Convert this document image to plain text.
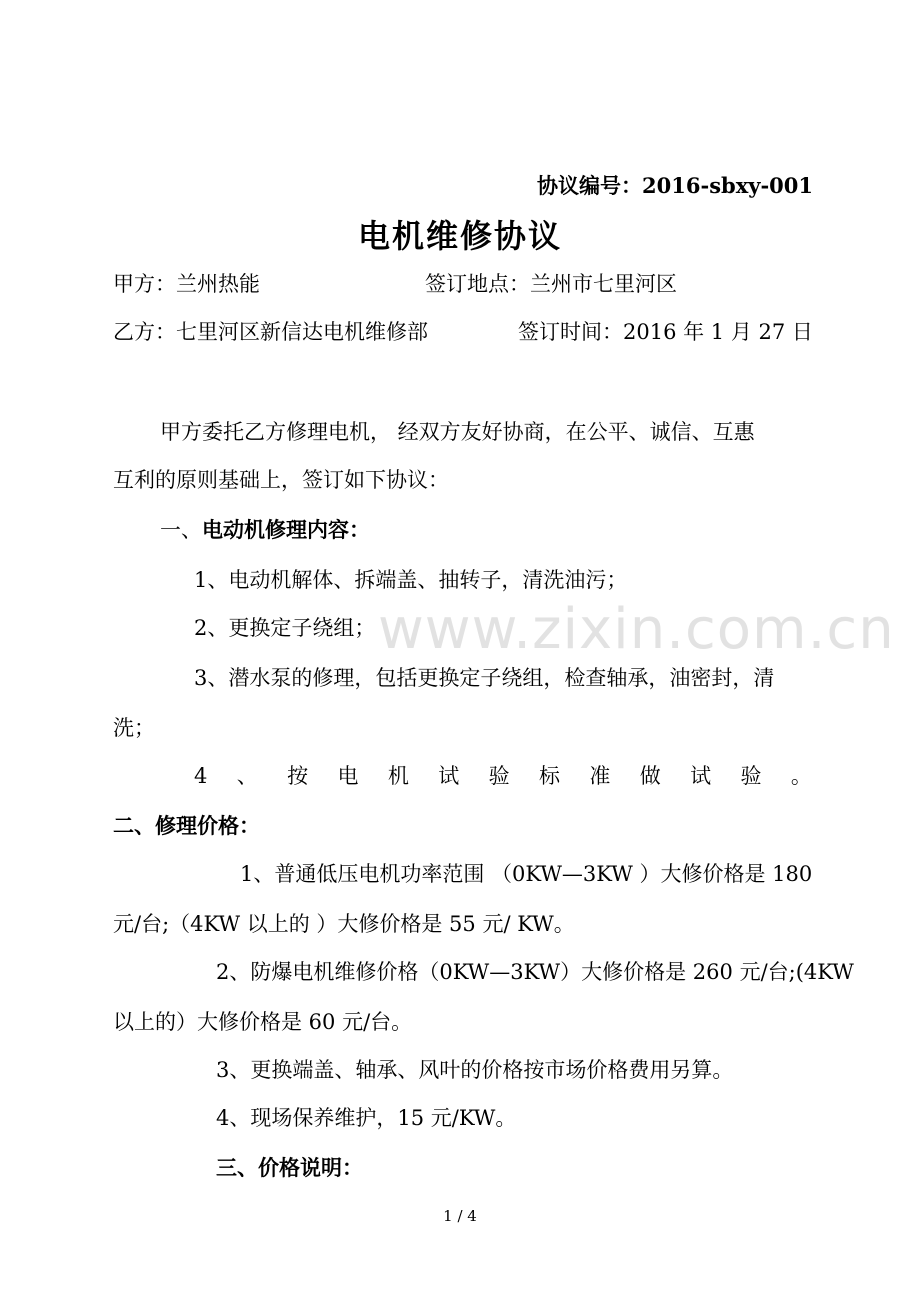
协议编号：2016-sbxy-001
电机维修协议
甲方：兰州热能	签订地点：兰州市七里河区
乙方：七里河区新信达电机维修部	签订时间：2016 年 1 月 27 日
甲方委托乙方修理电机， 经双方友好协商，在公平、诚信、互惠
互利的原则基础上，签订如下协议：
一、电动机修理内容：
1、电动机解体、拆端盖、抽转子，清洗油污；
2、更换定子绕组；
3、潜水泵的修理，包括更换定子绕组，检查轴承，油密封，清
洗；
4 、 按 电 机 试 验 标 准 做 试 验 。
二、修理价格：
1、普通低压电机功率范围 （0KW—3KW ）大修价格是 180
元/台;（4KW 以上的 ）大修价格是 55 元/ KW。
2、防爆电机维修价格（0KW—3KW）大修价格是 260 元/台;(4KW
以上的）大修价格是 60 元/台。
3、更换端盖、轴承、风叶的价格按市场价格费用另算。
4、现场保养维护，15 元/KW。
三、价格说明：
www.zixin.com.cn
1 / 4
